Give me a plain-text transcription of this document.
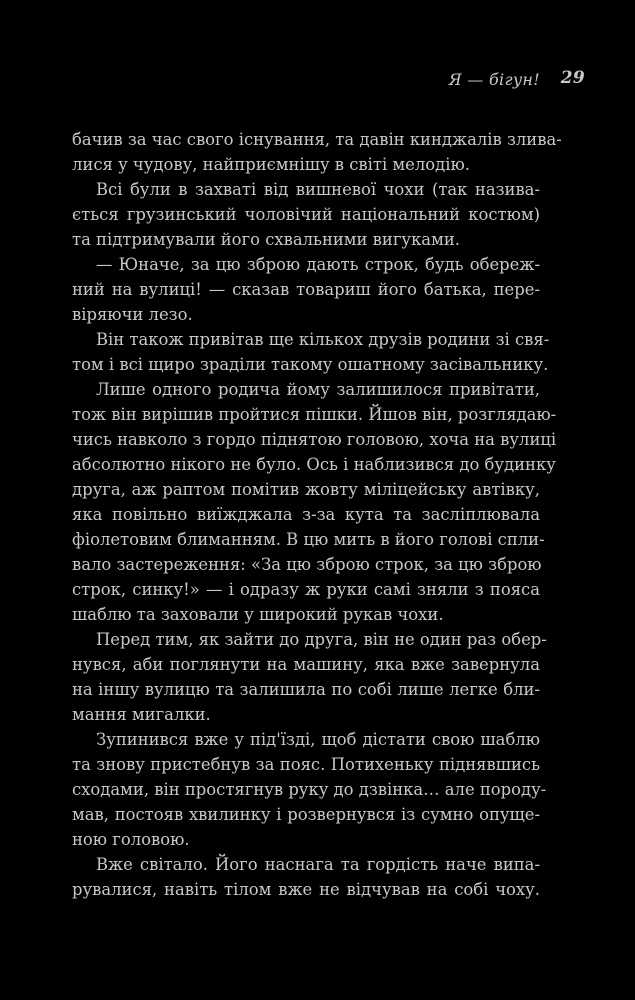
Я — бігун! 29
бачив за час свого існування, та давін кинджалів злива-
лися у чудову, найприємнішу в світі мелодію.
Всі були в захваті від вишневої чохи (так назива-
ється грузинський чоловічий національний костюм)
та підтримували його схвальними вигуками.
— Юначе, за цю зброю дають строк, будь обереж-
ний на вулиці! — сказав товариш його батька, пере-
віряючи лезо.
Він також привітав ще кількох друзів родини зі свя-
том і всі щиро зраділи такому ошатному засівальнику.
Лише одного родича йому залишилося привітати,
тож він вирішив пройтися пішки. Йшов він, розглядаю-
чись навколо з гордо піднятою головою, хоча на вулиці
абсолютно нікого не було. Ось і наблизився до будинку
друга, аж раптом помітив жовту міліцейську автівку,
яка повільно виїжджала з-за кута та засліплювала
фіолетовим блиманням. В цю мить в його голові спли-
вало застереження: «За цю зброю строк, за цю зброю
строк, синку!» — і одразу ж руки самі зняли з пояса
шаблю та заховали у широкий рукав чохи.
Перед тим, як зайти до друга, він не один раз обер-
нувся, аби поглянути на машину, яка вже завернула
на іншу вулицю та залишила по собі лише легке бли-
мання мигалки.
Зупинився вже у під'їзді, щоб дістати свою шаблю
та знову пристебнув за пояс. Потихеньку піднявшись
сходами, він простягнув руку до дзвінка… але породу-
мав, постояв хвилинку і розвернувся із сумно опуще-
ною головою.
Вже світало. Його наснага та гордість наче випа-
рувалися, навіть тілом вже не відчував на собі чоху.
